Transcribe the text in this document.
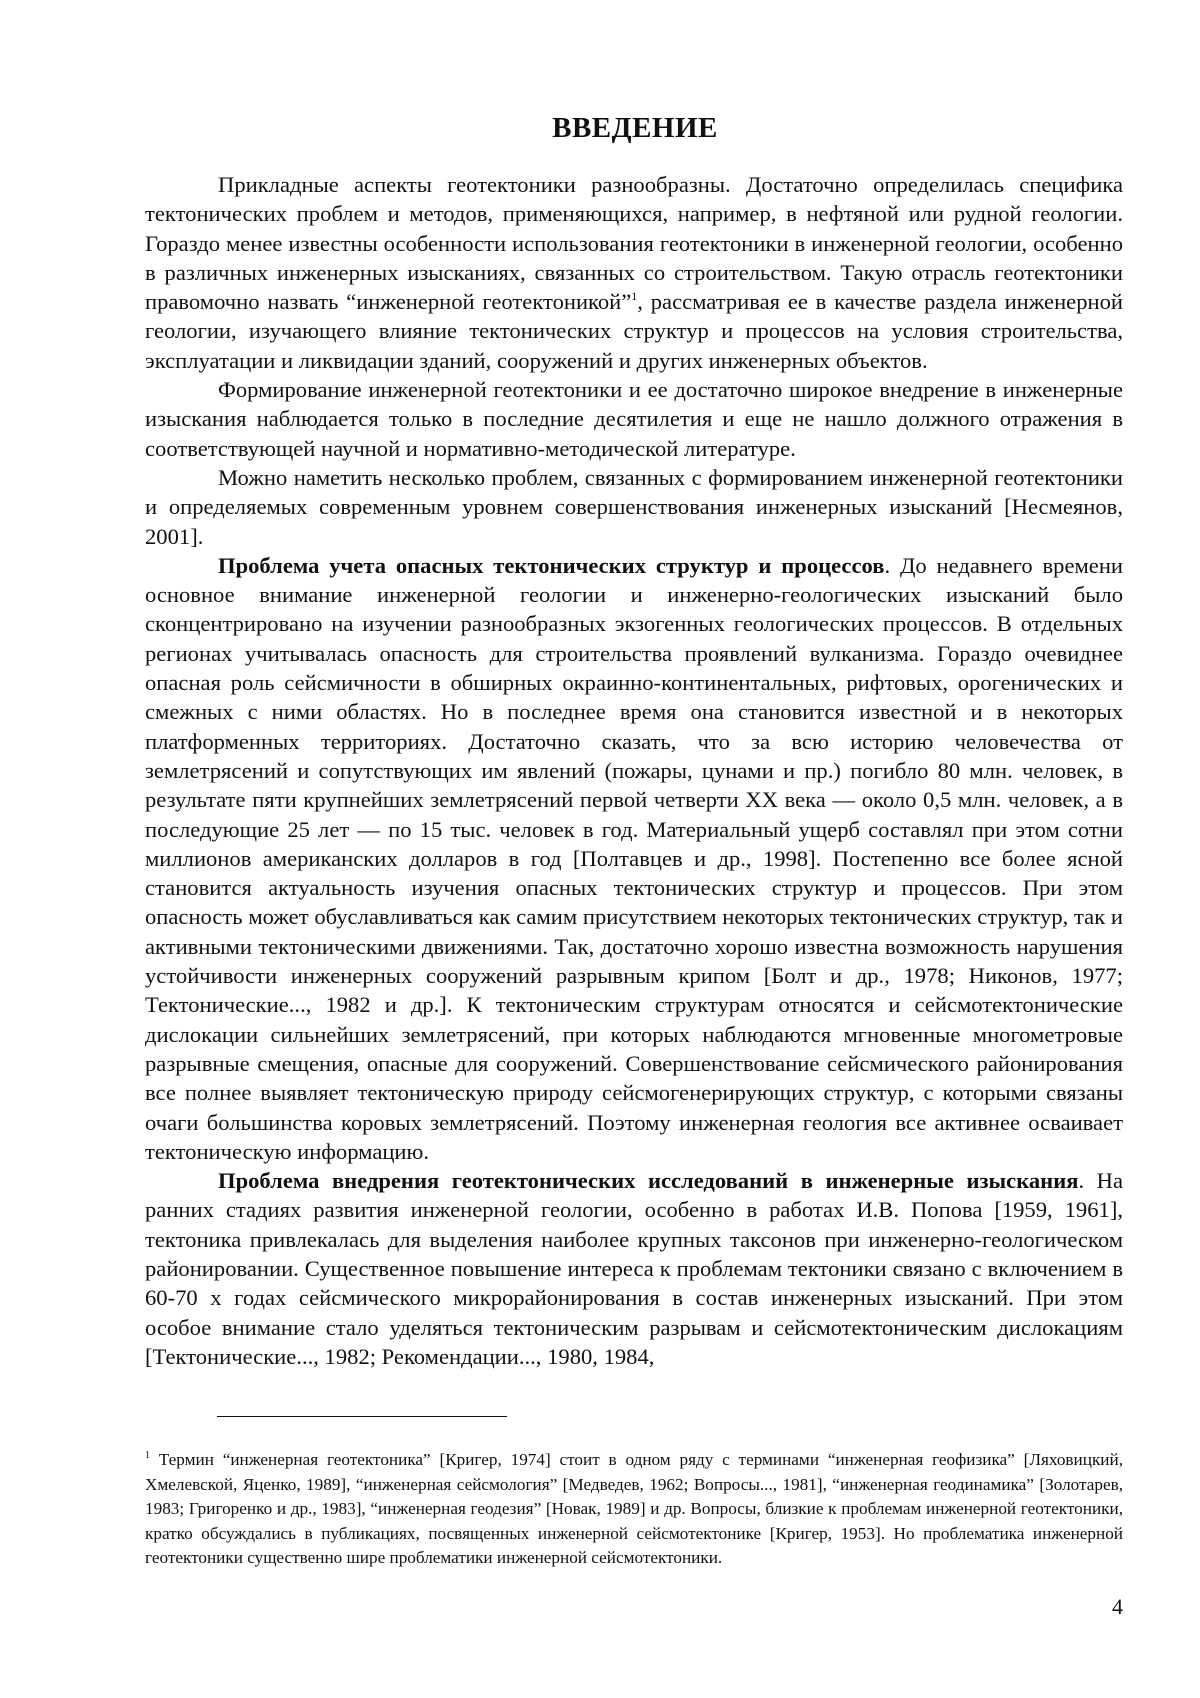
ВВЕДЕНИЕ

Прикладные аспекты геотектоники разнообразны. Достаточно определилась специфика тектонических проблем и методов, применяющихся, например, в нефтяной или рудной геологии. Гораздо менее известны особенности использования геотектоники в инженерной геологии, особенно в различных инженерных изысканиях, связанных со строительством. Такую отрасль геотектоники правомочно назвать “инженерной геотектоникой”1, рассматривая ее в качестве раздела инженерной геологии, изучающего влияние тектонических структур и процессов на условия строительства, эксплуатации и ликвидации зданий, сооружений и других инженерных объектов.

Формирование инженерной геотектоники и ее достаточно широкое внедрение в инженерные изыскания наблюдается только в последние десятилетия и еще не нашло должного отражения в соответствующей научной и нормативно-методической литературе.

Можно наметить несколько проблем, связанных с формированием инженерной геотектоники и определяемых современным уровнем совершенствования инженерных изысканий [Несмеянов, 2001].

Проблема учета опасных тектонических структур и процессов. До недавнего времени основное внимание инженерной геологии и инженерно-геологических изысканий было сконцентрировано на изучении разнообразных экзогенных геологических процессов. В отдельных регионах учитывалась опасность для строительства проявлений вулканизма. Гораздо очевиднее опасная роль сейсмичности в обширных окраинно-континентальных, рифтовых, орогенических и смежных с ними областях. Но в последнее время она становится известной и в некоторых платформенных территориях. Достаточно сказать, что за всю историю человечества от землетрясений и сопутствующих им явлений (пожары, цунами и пр.) погибло 80 млн. человек, в результате пяти крупнейших землетрясений первой четверти XX века — около 0,5 млн. человек, а в последующие 25 лет — по 15 тыс. человек в год. Материальный ущерб составлял при этом сотни миллионов американских долларов в год [Полтавцев и др., 1998]. Постепенно все более ясной становится актуальность изучения опасных тектонических структур и процессов. При этом опасность может обуславливаться как самим присутствием некоторых тектонических структур, так и активными тектоническими движениями. Так, достаточно хорошо известна возможность нарушения устойчивости инженерных сооружений разрывным крипом [Болт и др., 1978; Никонов, 1977; Тектонические..., 1982 и др.]. К тектоническим структурам относятся и сейсмотектонические дислокации сильнейших землетрясений, при которых наблюдаются мгновенные многометровые разрывные смещения, опасные для сооружений. Совершенствование сейсмического районирования все полнее выявляет тектоническую природу сейсмогенерирующих структур, с которыми связаны очаги большинства коровых землетрясений. Поэтому инженерная геология все активнее осваивает тектоническую информацию.

Проблема внедрения геотектонических исследований в инженерные изыскания. На ранних стадиях развития инженерной геологии, особенно в работах И.В. Попова [1959, 1961], тектоника привлекалась для выделения наиболее крупных таксонов при инженерно-геологическом районировании. Существенное повышение интереса к проблемам тектоники связано с включением в 60-70 х годах сейсмического микрорайонирования в состав инженерных изысканий. При этом особое внимание стало уделяться тектоническим разрывам и сейсмотектоническим дислокациям [Тектонические..., 1982; Рекомендации..., 1980, 1984,

1 Термин “инженерная геотектоника” [Кригер, 1974] стоит в одном ряду с терминами “инженерная геофизика” [Ляховицкий, Хмелевской, Яценко, 1989], “инженерная сейсмология” [Медведев, 1962; Вопросы..., 1981], “инженерная геодинамика” [Золотарев, 1983; Григоренко и др., 1983], “инженерная геодезия” [Новак, 1989] и др. Вопросы, близкие к проблемам инженерной геотектоники, кратко обсуждались в публикациях, посвященных инженерной сейсмотектонике [Кригер, 1953]. Но проблематика инженерной геотектоники существенно шире проблематики инженерной сейсмотектоники.

4
